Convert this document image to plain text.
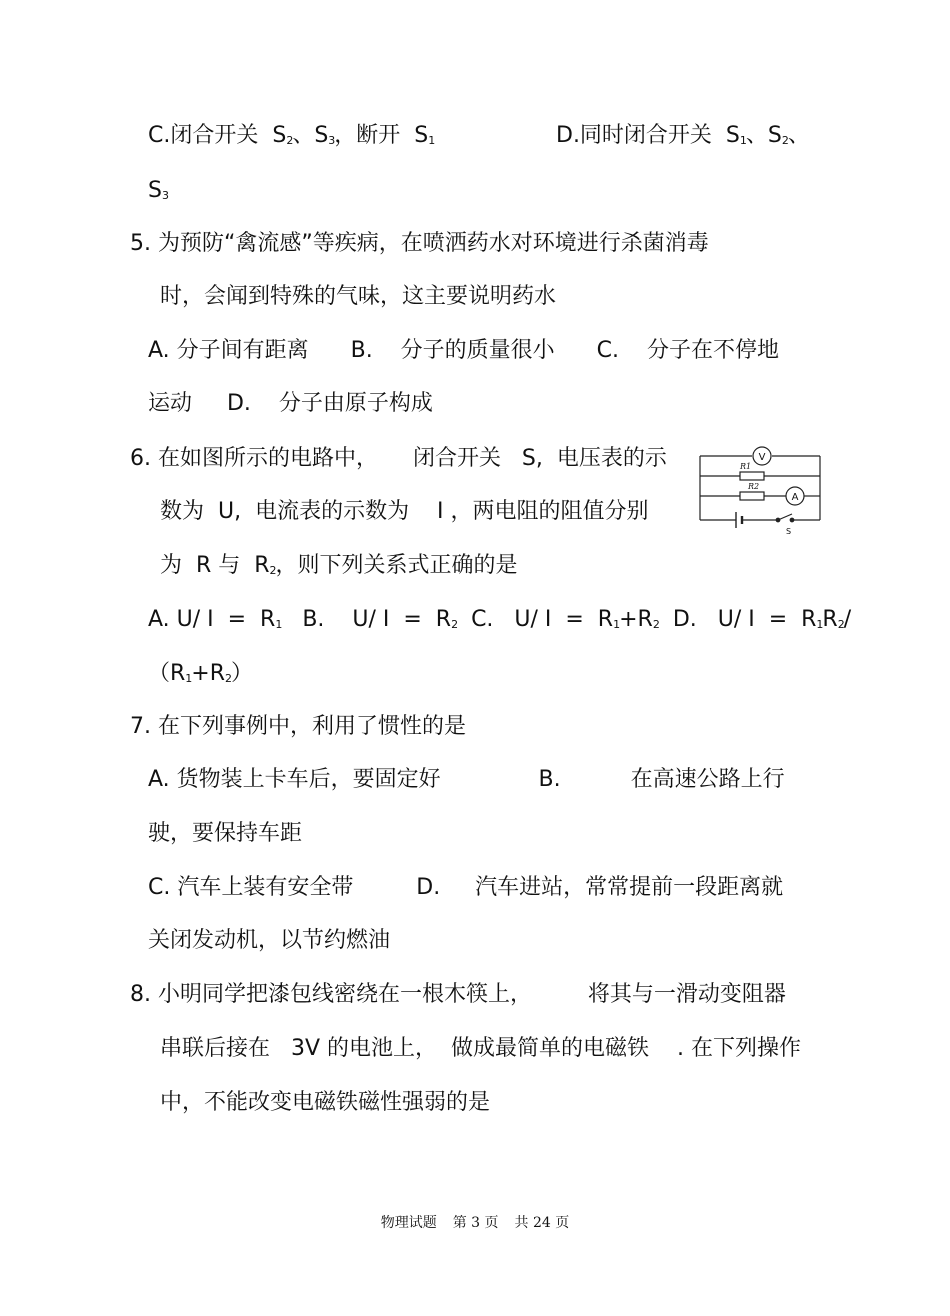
C.闭合开关  S2、S3，断开  S1	D.同时闭合开关  S1、S2、
S3
5. 为预防“禽流感”等疾病，在喷洒药水对环境进行杀菌消毒
时，会闻到特殊的气味，这主要说明药水
A. 分子间有距离      B.    分子的质量很小      C.    分子在不停地
运动     D.    分子由原子构成
6. 在如图所示的电路中，     闭合开关   S,  电压表的示
数为  U,  电流表的示数为    I ，两电阻的阻值分别
为  R 与  R2，则下列关系式正确的是
A. U/ I  =  R1   B.    U/ I  =  R2  C.   U/ I  =  R1+R2  D.   U/ I  =  R1R2/
（R1+R2）
V
A
R1
R2
S
7. 在下列事例中，利用了惯性的是
A. 货物装上卡车后，要固定好              B.          在高速公路上行
驶，要保持车距
C. 汽车上装有安全带         D.     汽车进站，常常提前一段距离就
关闭发动机，以节约燃油
8. 小明同学把漆包线密绕在一根木筷上，        将其与一滑动变阻器
串联后接在   3V 的电池上，  做成最简单的电磁铁    . 在下列操作
中，不能改变电磁铁磁性强弱的是
物理试题 第 3 页 共 24 页
